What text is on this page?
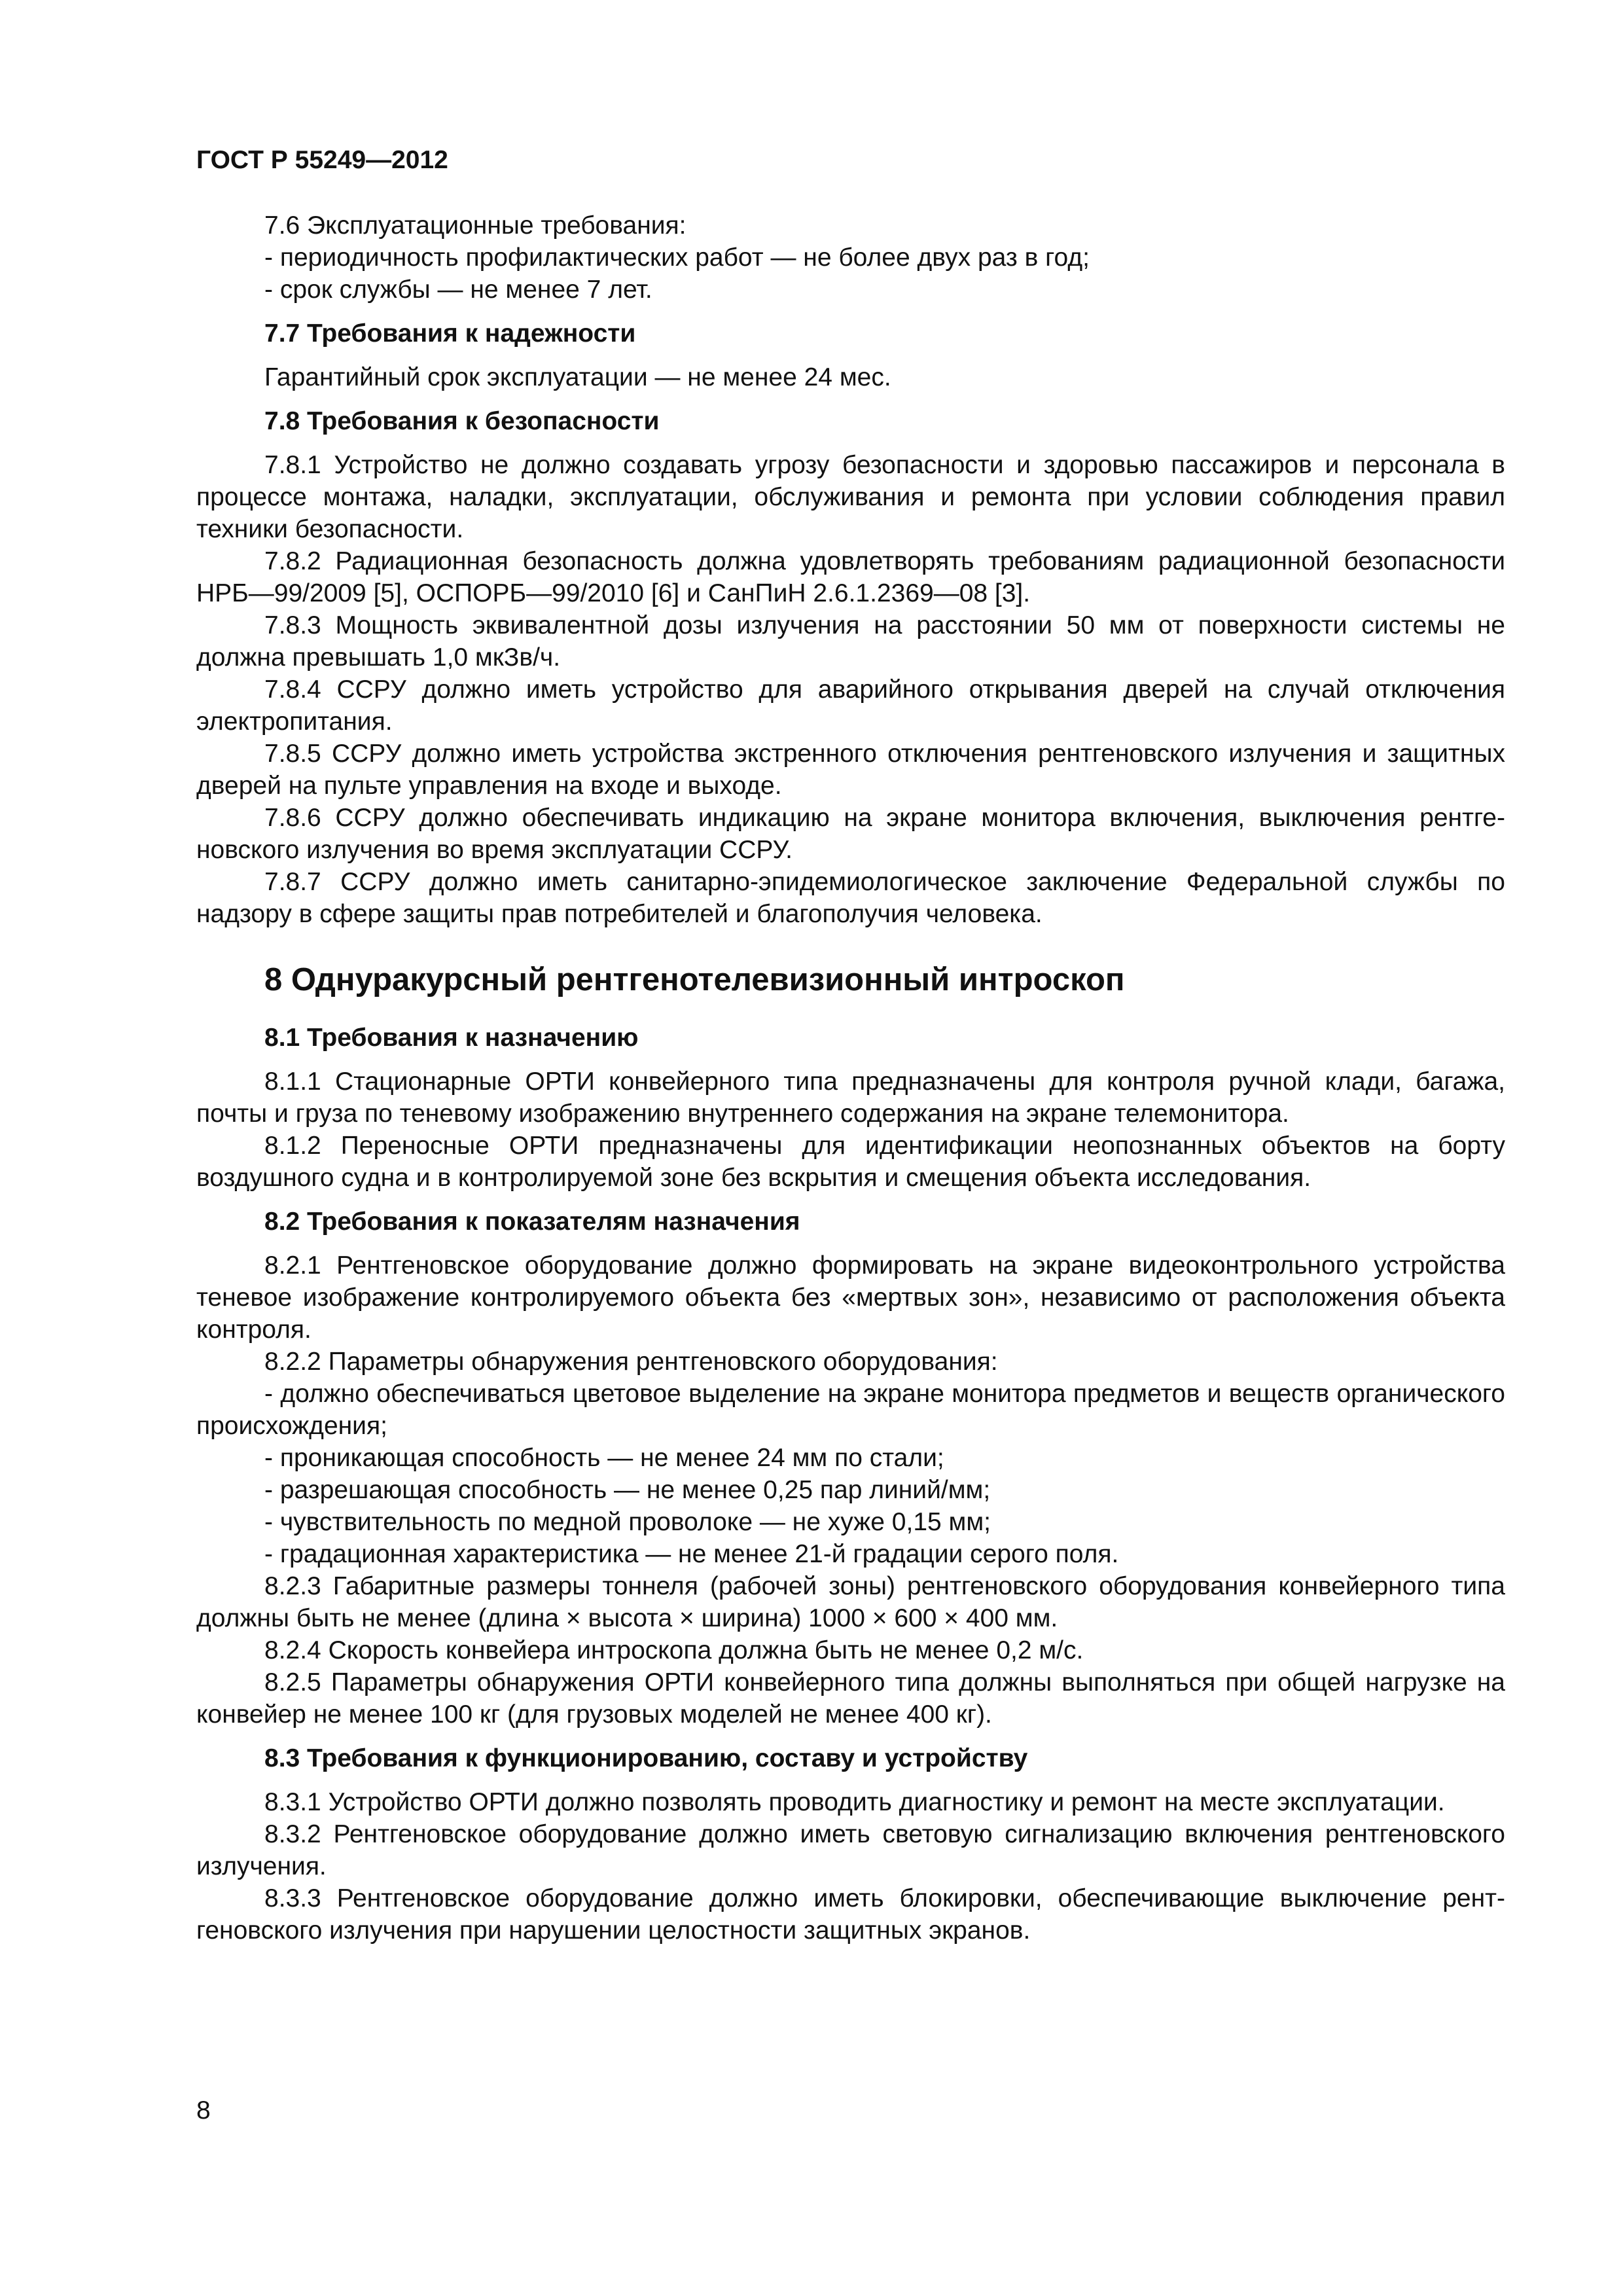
ГОСТ Р 55249—2012

7.6 Эксплуатационные требования:

- периодичность профилактических работ — не более двух раз в год;

- срок службы — не менее 7 лет.

7.7 Требования к надежности

Гарантийный срок эксплуатации — не менее 24 мес.

7.8 Требования к безопасности

7.8.1 Устройство не должно создавать угрозу безопасности и здоровью пассажиров и персонала в процессе монтажа, наладки, эксплуатации, обслуживания и ремонта при условии соблюдения правил техники безопасности.

7.8.2 Радиационная безопасность должна удовлетворять требованиям радиационной безопасности НРБ—99/2009 [5], ОСПОРБ—99/2010 [6] и СанПиН 2.6.1.2369—08 [3].

7.8.3 Мощность эквивалентной дозы излучения на расстоянии 50 мм от поверхности системы не должна превышать 1,0 мкЗв/ч.

7.8.4 ССРУ должно иметь устройство для аварийного открывания дверей на случай отключения электропитания.

7.8.5 ССРУ должно иметь устройства экстренного отключения рентгеновского излучения и защитных дверей на пульте управления на входе и выходе.

7.8.6 ССРУ должно обеспечивать индикацию на экране монитора включения, выключения рентгеновского излучения во время эксплуатации ССРУ.

7.8.7 ССРУ должно иметь санитарно-эпидемиологическое заключение Федеральной службы по надзору в сфере защиты прав потребителей и благополучия человека.

8 Однуракурсный рентгенотелевизионный интроскоп
8.1 Требования к назначению

8.1.1 Стационарные ОРТИ конвейерного типа предназначены для контроля ручной клади, багажа, почты и груза по теневому изображению внутреннего содержания на экране телемонитора.

8.1.2 Переносные ОРТИ предназначены для идентификации неопознанных объектов на борту воздушного судна и в контролируемой зоне без вскрытия и смещения объекта исследования.

8.2 Требования к показателям назначения

8.2.1 Рентгеновское оборудование должно формировать на экране видеоконтрольного устройства теневое изображение контролируемого объекта без «мертвых зон», независимо от расположения объекта контроля.

8.2.2 Параметры обнаружения рентгеновского оборудования:

- должно обеспечиваться цветовое выделение на экране монитора предметов и веществ органического происхождения;

- проникающая способность — не менее 24 мм по стали;

- разрешающая способность — не менее 0,25 пар линий/мм;

- чувствительность по медной проволоке — не хуже 0,15 мм;

- градационная характеристика — не менее 21-й градации серого поля.

8.2.3 Габаритные размеры тоннеля (рабочей зоны) рентгеновского оборудования конвейерного типа должны быть не менее (длина × высота × ширина) 1000 × 600 × 400 мм.

8.2.4 Скорость конвейера интроскопа должна быть не менее 0,2 м/с.

8.2.5 Параметры обнаружения ОРТИ конвейерного типа должны выполняться при общей нагрузке на конвейер не менее 100 кг (для грузовых моделей не менее 400 кг).

8.3 Требования к функционированию, составу и устройству

8.3.1 Устройство ОРТИ должно позволять проводить диагностику и ремонт на месте эксплуатации.

8.3.2 Рентгеновское оборудование должно иметь световую сигнализацию включения рентгеновского излучения.

8.3.3 Рентгеновское оборудование должно иметь блокировки, обеспечивающие выключение рентгеновского излучения при нарушении целостности защитных экранов.

8
